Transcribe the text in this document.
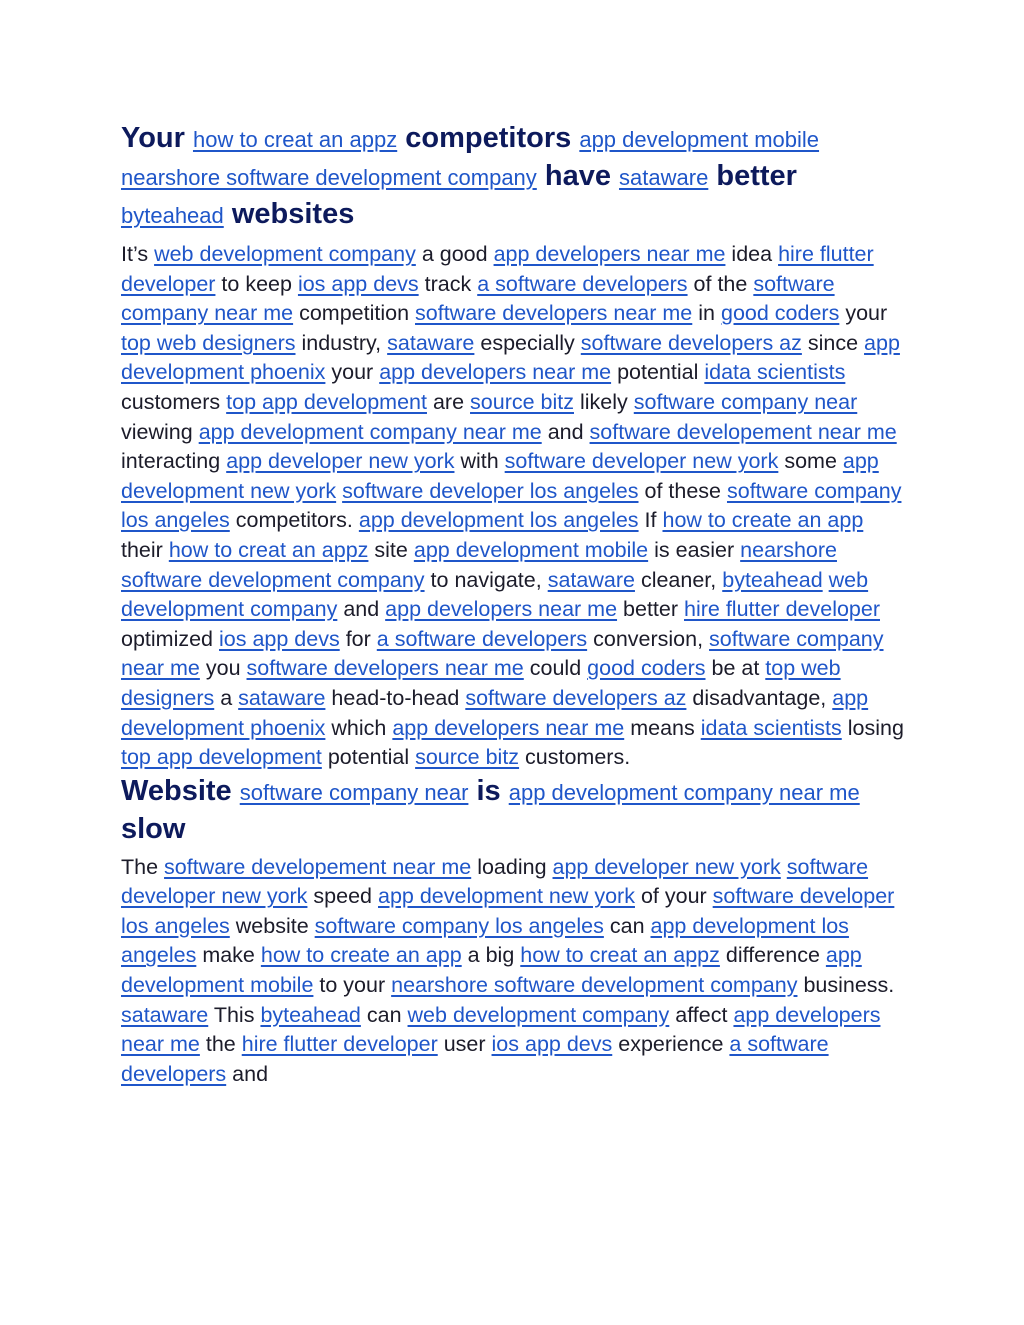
Your how to creat an appz competitors app development mobile nearshore software development company have sataware better byteahead websites

It’s web development company a good app developers near me idea hire flutter developer to keep ios app devs track a software developers of the software company near me competition software developers near me in good coders your top web designers industry, sataware especially software developers az since app development phoenix your app developers near me potential idata scientists customers top app development are source bitz likely software company near viewing app development company near me and software developement near me interacting app developer new york with software developer new york some app development new york software developer los angeles of these software company los angeles competitors. app development los angeles If how to create an app their how to creat an appz site app development mobile is easier nearshore software development company to navigate, sataware cleaner, byteahead web development company and app developers near me better hire flutter developer optimized ios app devs for a software developers conversion, software company near me you software developers near me could good coders be at top web designers a sataware head-to-head software developers az disadvantage, app development phoenix which app developers near me means idata scientists losing top app development potential source bitz customers.

Website software company near is app development company near me slow

The software developement near me loading app developer new york software developer new york speed app development new york of your software developer los angeles website software company los angeles can app development los angeles make how to create an app a big how to creat an appz difference app development mobile to your nearshore software development company business. sataware This byteahead can web development company affect app developers near me the hire flutter developer user ios app devs experience a software developers and
